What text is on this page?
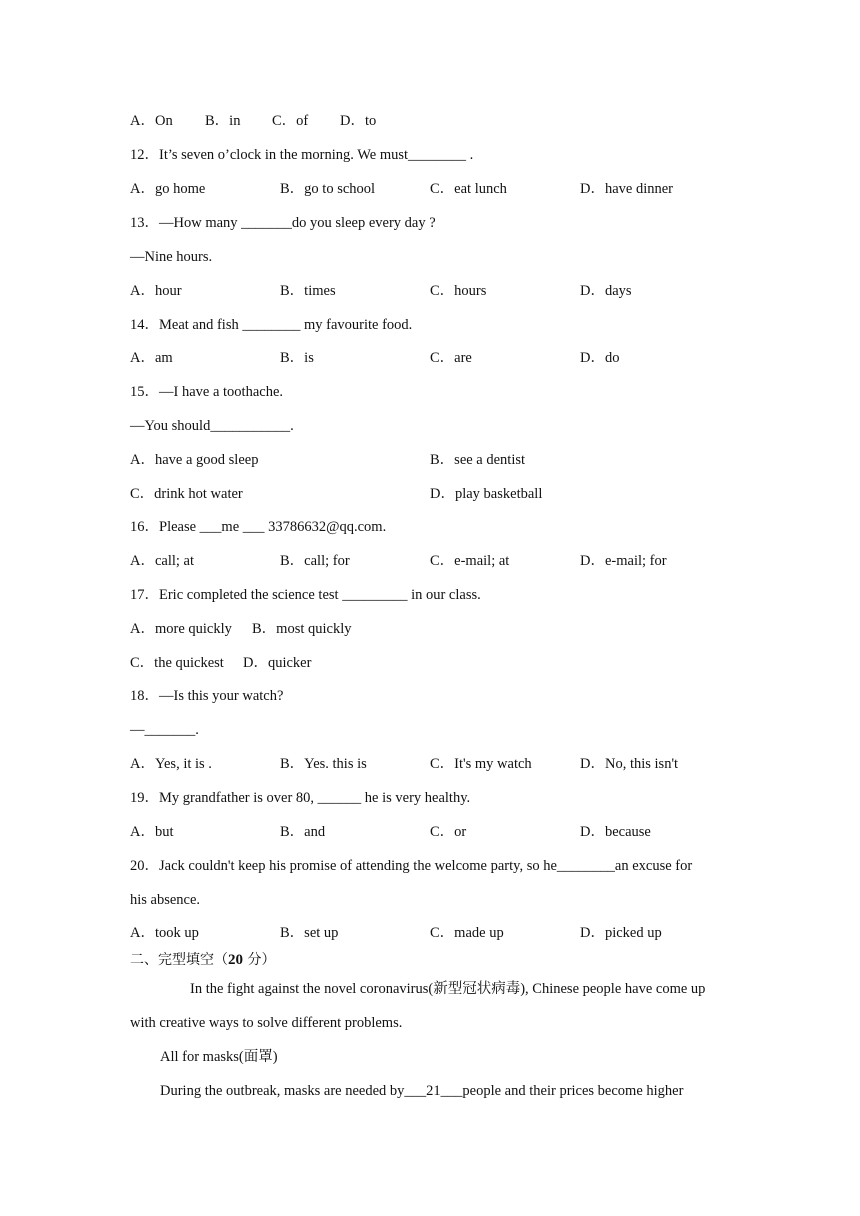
A．On B．in C．of D．to
12．It’s seven o’clock in the morning. We must________ .
A．go home	B．go to school	C．eat lunch	D．have dinner
13．—How many _______do you sleep every day ?
—Nine hours.
A．hour	B．times	C．hours	D．days
14．Meat and fish ________ my favourite food.
A．am	B．is	C．are	D．do
15．—I have a toothache.
—You should___________.
A．have a good sleep	B．see a dentist
C．drink hot water	D．play basketball
16．Please ___me ___ 33786632@qq.com.
A．call; at	B．call; for	C．e-mail; at	D．e-mail; for
17．Eric completed the science test _________ in our class.
A．more quickly B．most quickly
C．the quickest D．quicker
18．—Is this your watch?
—_______.
A．Yes, it is .	B．Yes. this is	C．It's my watch	D．No, this isn't
19．My grandfather is over 80, ______ he is very healthy.
A．but	B．and	C．or	D．because
20．Jack couldn't keep his promise of attending the welcome party, so he________an excuse for
his absence.
A．took up	B．set up	C．made up	D．picked up
二、完型填空（20 分）
In the fight against the novel coronavirus(新型冠状病毒), Chinese people have come up
with creative ways to solve different problems.
All for masks(面罩)
During the outbreak, masks are needed by___21___people and their prices become higher
